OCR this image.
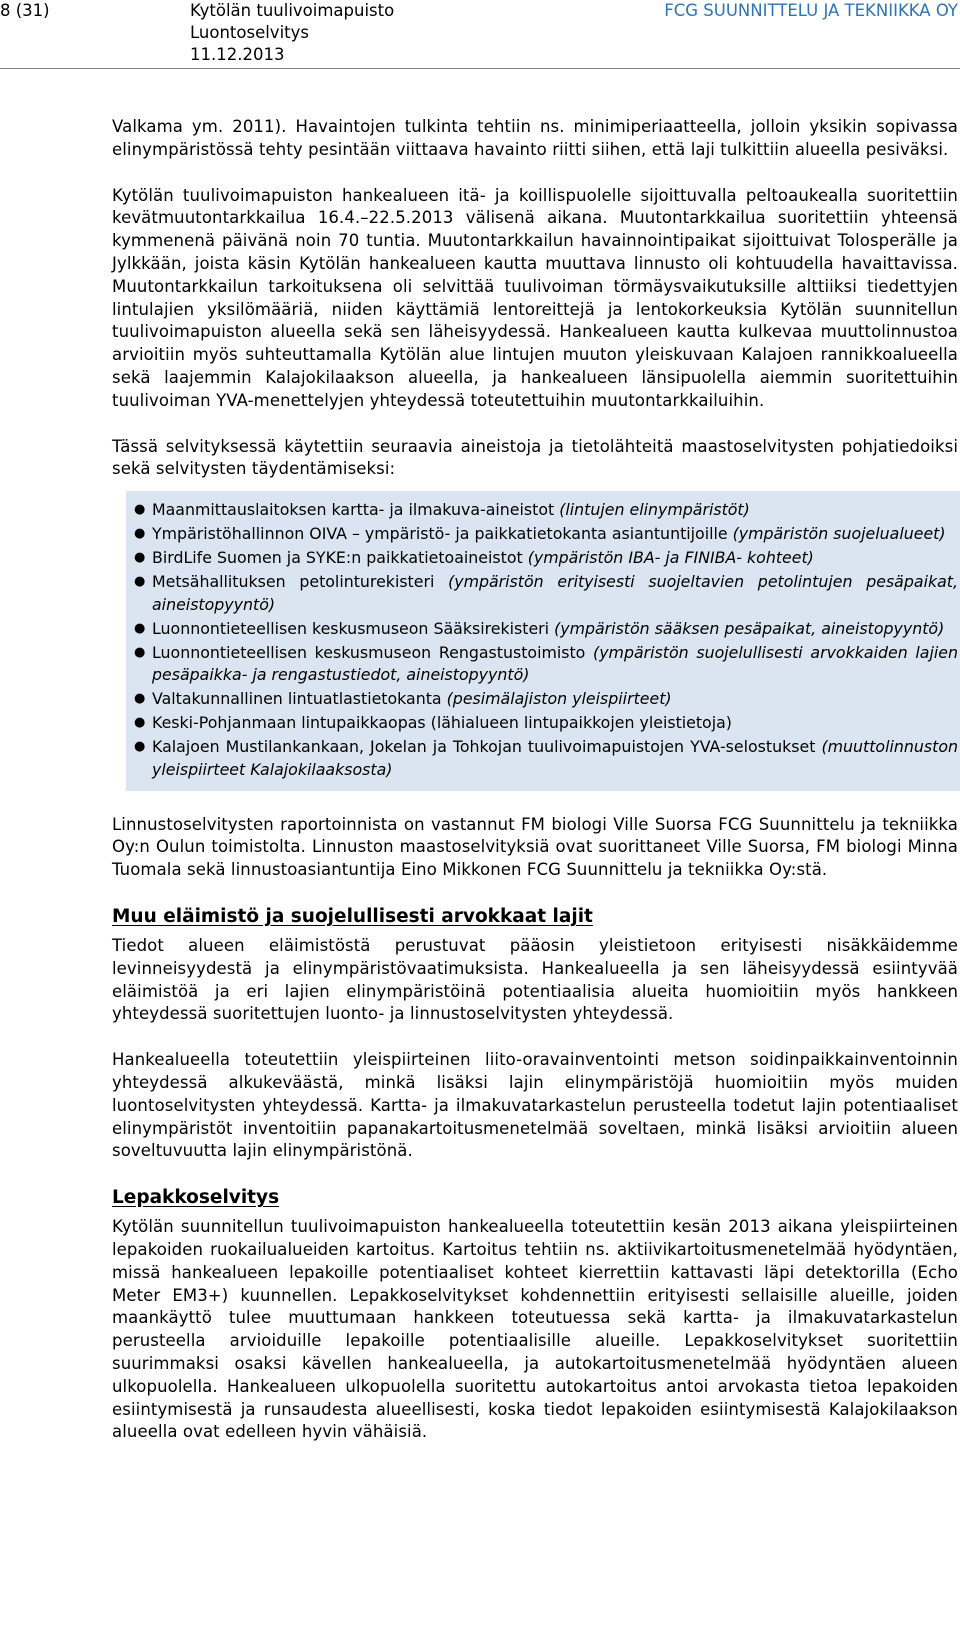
8 (31)	Kytölän tuulivoimapuisto
Luontoselvitys
11.12.2013
FCG SUUNNITTELU JA TEKNIIKKA OY

Valkama ym. 2011). Havaintojen tulkinta tehtiin ns. minimiperiaatteella, jolloin yksikin sopivassa elinympäristössä tehty pesintään viittaava havainto riitti siihen, että laji tulkittiin alueella pesiväksi.

Kytölän tuulivoimapuiston hankealueen itä- ja koillispuolelle sijoittuvalla peltoaukealla suoritettiin kevätmuutontarkkailua 16.4.–22.5.2013 välisenä aikana. Muutontarkkailua suoritettiin yhteensä kymmenenä päivänä noin 70 tuntia. Muutontarkkailun havainnointipaikat sijoittuivat Tolosperälle ja Jylkkään, joista käsin Kytölän hankealueen kautta muuttava linnusto oli kohtuudella havaittavissa. Muutontarkkailun tarkoituksena oli selvittää tuulivoiman törmäysvaikutuksille alttiiksi tiedettyjen lintulajien yksilömääriä, niiden käyttämiä lentoreittejä ja lentokorkeuksia Kytölän suunnitellun tuulivoimapuiston alueella sekä sen läheisyydessä. Hankealueen kautta kulkevaa muuttolinnustoa arvioitiin myös suhteuttamalla Kytölän alue lintujen muuton yleiskuvaan Kalajoen rannikkoalueella sekä laajemmin Kalajokilaakson alueella, ja hankealueen länsipuolella aiemmin suoritettuihin tuulivoiman YVA-menettelyjen yhteydessä toteutettuihin muutontarkkailuihin.

Tässä selvityksessä käytettiin seuraavia aineistoja ja tietolähteitä maastoselvitysten pohjatiedoiksi sekä selvitysten täydentämiseksi:

● Maanmittauslaitoksen kartta- ja ilmakuva-aineistot (lintujen elinympäristöt)
● Ympäristöhallinnon OIVA – ympäristö- ja paikkatietokanta asiantuntijoille (ympäristön suojelualueet)
● BirdLife Suomen ja SYKE:n paikkatietoaineistot (ympäristön IBA- ja FINIBA- kohteet)
● Metsähallituksen petolinturekisteri (ympäristön erityisesti suojeltavien petolintujen pesäpaikat, aineistopyyntö)
● Luonnontieteellisen keskusmuseon Sääksirekisteri (ympäristön sääksen pesäpaikat, aineistopyyntö)
● Luonnontieteellisen keskusmuseon Rengastustoimisto (ympäristön suojelullisesti arvokkaiden lajien pesäpaikka- ja rengastustiedot, aineistopyyntö)
● Valtakunnallinen lintuatlastietokanta (pesimälajiston yleispiirteet)
● Keski-Pohjanmaan lintupaikkaopas (lähialueen lintupaikkojen yleistietoja)
● Kalajoen Mustilankankaan, Jokelan ja Tohkojan tuulivoimapuistojen YVA-selostukset (muuttolinnuston yleispiirteet Kalajokilaaksosta)

Linnustoselvitysten raportoinnista on vastannut FM biologi Ville Suorsa FCG Suunnittelu ja tekniikka Oy:n Oulun toimistolta. Linnuston maastoselvityksiä ovat suorittaneet Ville Suorsa, FM biologi Minna Tuomala sekä linnustoasiantuntija Eino Mikkonen FCG Suunnittelu ja tekniikka Oy:stä.

Muu eläimistö ja suojelullisesti arvokkaat lajit

Tiedot alueen eläimistöstä perustuvat pääosin yleistietoon erityisesti nisäkkäidemme levinneisyydestä ja elinympäristövaatimuksista. Hankealueella ja sen läheisyydessä esiintyvää eläimistöä ja eri lajien elinympäristöinä potentiaalisia alueita huomioitiin myös hankkeen yhteydessä suoritettujen luonto- ja linnustoselvitysten yhteydessä.

Hankealueella toteutettiin yleispiirteinen liito-oravainventointi metson soidinpaikkainventoinnin yhteydessä alkukeväästä, minkä lisäksi lajin elinympäristöjä huomioitiin myös muiden luontoselvitysten yhteydessä. Kartta- ja ilmakuvatarkastelun perusteella todetut lajin potentiaaliset elinympäristöt inventoitiin papanakartoitusmenetelmää soveltaen, minkä lisäksi arvioitiin alueen soveltuvuutta lajin elinympäristönä.

Lepakkoselvitys

Kytölän suunnitellun tuulivoimapuiston hankealueella toteutettiin kesän 2013 aikana yleispiirteinen lepakoiden ruokailualueiden kartoitus. Kartoitus tehtiin ns. aktiivikartoitusmenetelmää hyödyntäen, missä hankealueen lepakoille potentiaaliset kohteet kierrettiin kattavasti läpi detektorilla (Echo Meter EM3+) kuunnellen. Lepakkoselvitykset kohdennettiin erityisesti sellaisille alueille, joiden maankäyttö tulee muuttumaan hankkeen toteutuessa sekä kartta- ja ilmakuvatarkastelun perusteella arvioiduille lepakoille potentiaalisille alueille. Lepakkoselvitykset suoritettiin suurimmaksi osaksi kävellen hankealueella, ja autokartoitusmenetelmää hyödyntäen alueen ulkopuolella. Hankealueen ulkopuolella suoritettu autokartoitus antoi arvokasta tietoa lepakoiden esiintymisestä ja runsaudesta alueellisesti, koska tiedot lepakoiden esiintymisestä Kalajokilaakson alueella ovat edelleen hyvin vähäisiä.
